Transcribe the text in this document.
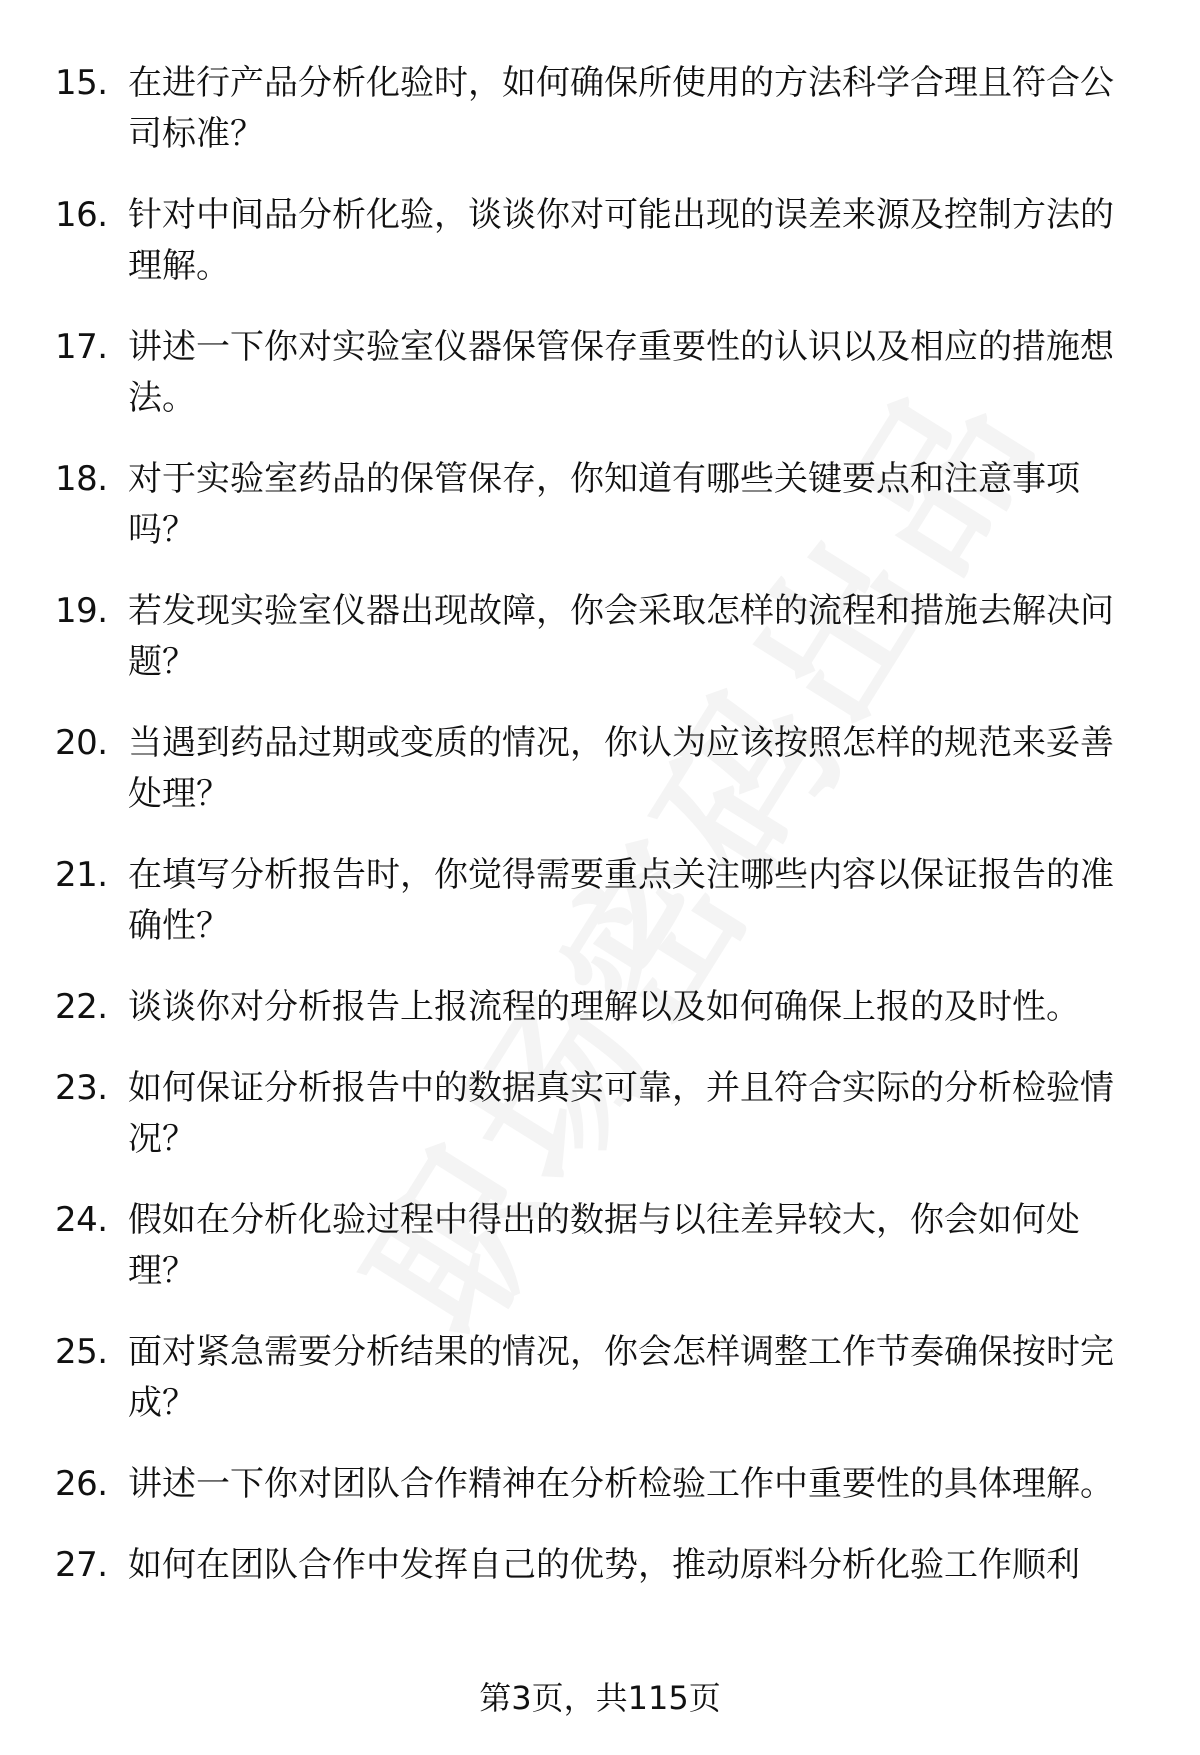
15. 在进行产品分析化验时，如何确保所使用的方法科学合理且符合公司标准？
16. 针对中间品分析化验，谈谈你对可能出现的误差来源及控制方法的理解。
17. 讲述一下你对实验室仪器保管保存重要性的认识以及相应的措施想法。
18. 对于实验室药品的保管保存，你知道有哪些关键要点和注意事项吗？
19. 若发现实验室仪器出现故障，你会采取怎样的流程和措施去解决问题？
20. 当遇到药品过期或变质的情况，你认为应该按照怎样的规范来妥善处理？
21. 在填写分析报告时，你觉得需要重点关注哪些内容以保证报告的准确性？
22. 谈谈你对分析报告上报流程的理解以及如何确保上报的及时性。
23. 如何保证分析报告中的数据真实可靠，并且符合实际的分析检验情况？
24. 假如在分析化验过程中得出的数据与以往差异较大，你会如何处理？
25. 面对紧急需要分析结果的情况，你会怎样调整工作节奏确保按时完成？
26. 讲述一下你对团队合作精神在分析检验工作中重要性的具体理解。
27. 如何在团队合作中发挥自己的优势，推动原料分析化验工作顺利
第3页，共115页
